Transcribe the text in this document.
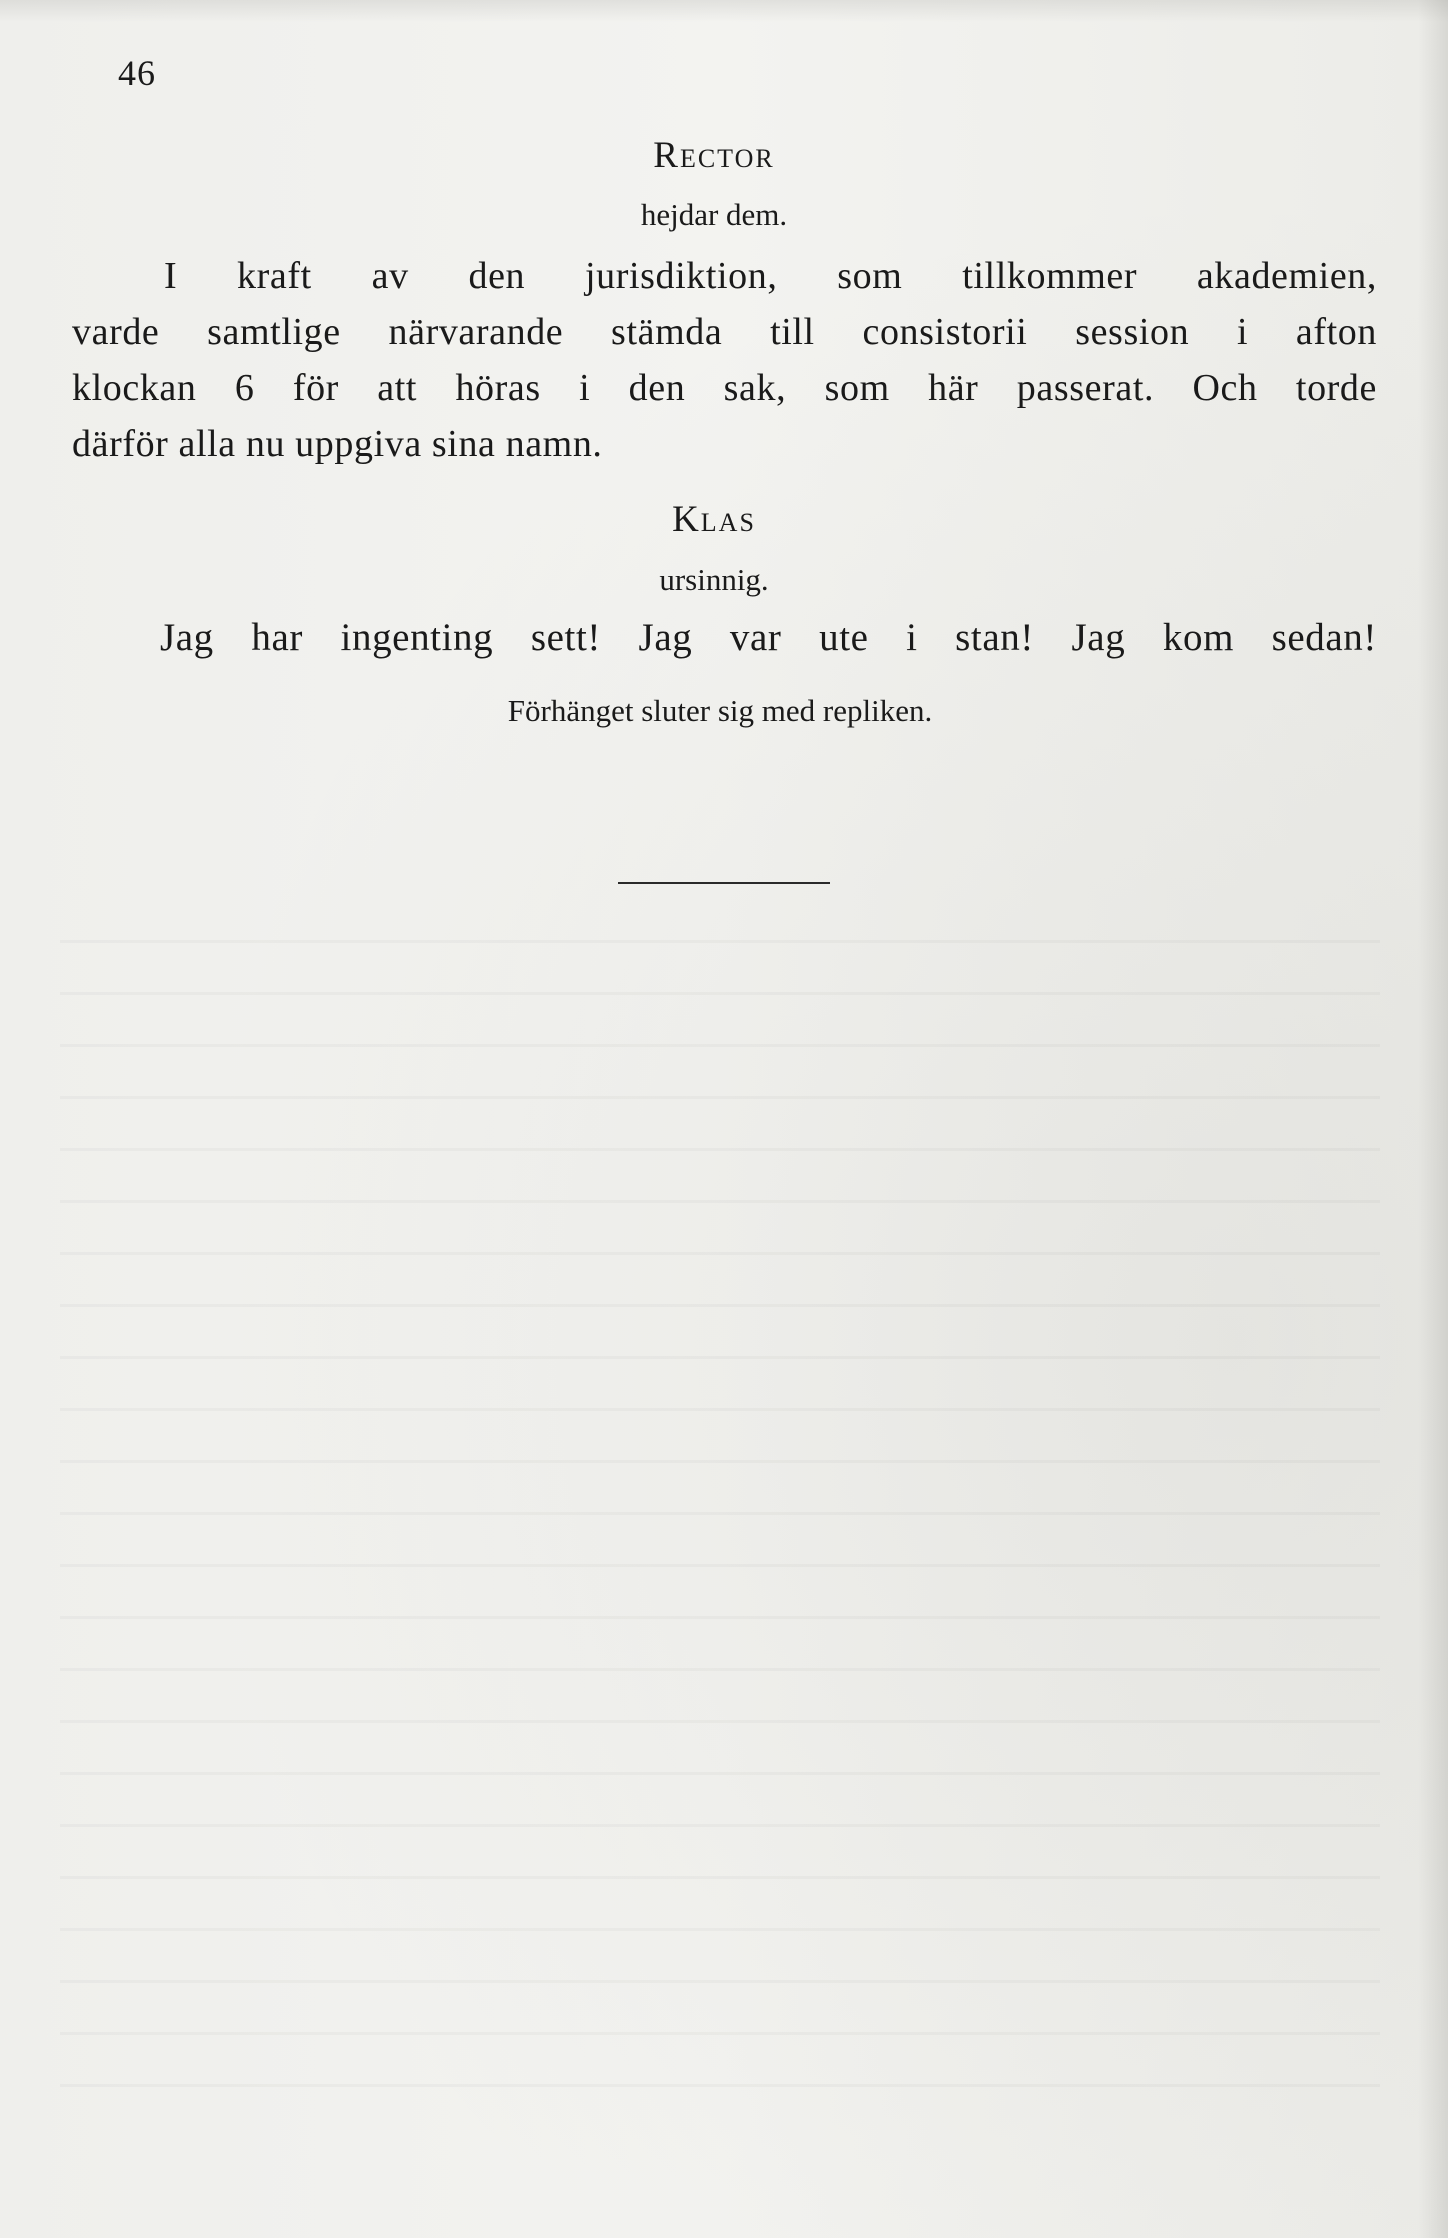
46
Rector
hejdar dem.
I kraft av den jurisdiktion, som tillkommer akademien,
varde samtlige närvarande stämda till consistorii session i afton
klockan 6 för att höras i den sak, som här passerat. Och torde
därför alla nu uppgiva sina namn.
Klas
ursinnig.
Jag har ingenting sett! Jag var ute i stan! Jag kom sedan!
Förhänget sluter sig med repliken.
